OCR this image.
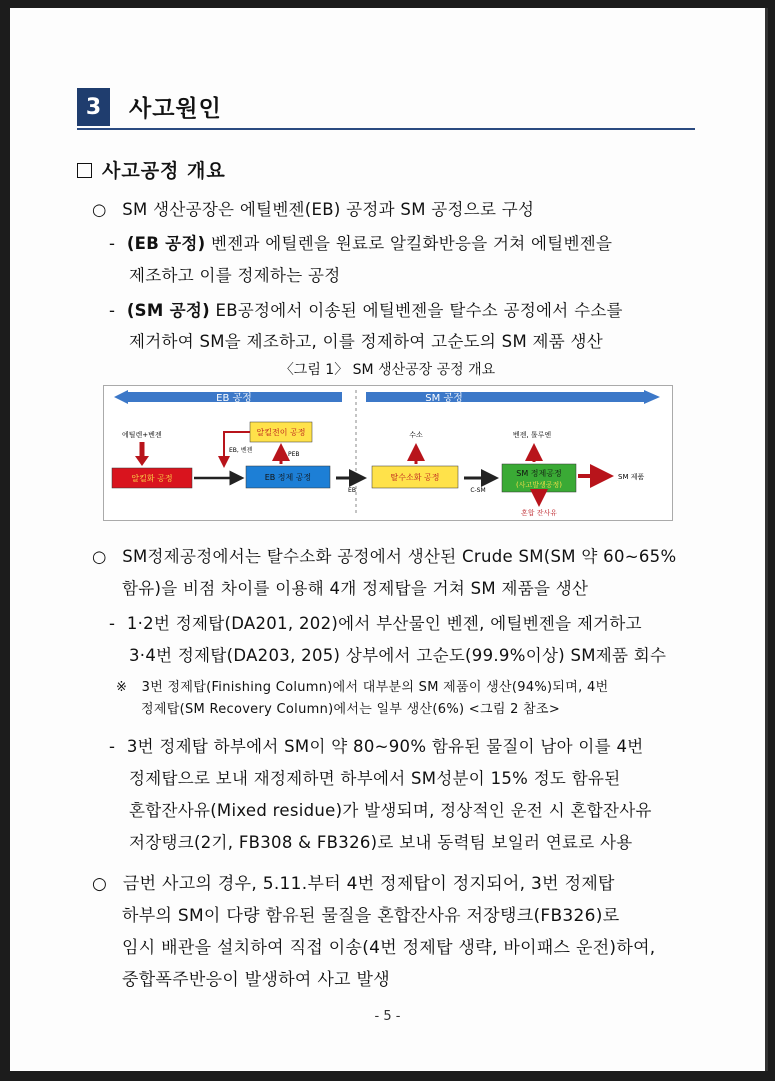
3	사고원인
사고공정 개요
○ SM 생산공장은 에틸벤젠(EB) 공정과 SM 공정으로 구성
- (EB 공정) 벤젠과 에틸렌을 원료로 알킬화반응을 거쳐 에틸벤젠을
제조하고 이를 정제하는 공정
- (SM 공정) EB공정에서 이송된 에틸벤젠을 탈수소 공정에서 수소를
제거하여 SM을 제조하고, 이를 정제하여 고순도의 SM 제품 생산
〈그림 1〉 SM 생산공장 공정 개요
EB 공정	SM 공정
에틸렌+벤젠
알킬화 공정
알킬전이 공정
EB, 벤젠
PEB
EB 정제 공정
EB
수소
탈수소화 공정
C-SM
벤젠, 톨루엔
SM 정제공정
(사고발생공정)
SM 제품
혼합 잔사유
○ SM정제공정에서는 탈수소화 공정에서 생산된 Crude SM(SM 약 60∼65%
함유)을 비점 차이를 이용해 4개 정제탑을 거쳐 SM 제품을 생산
- 1·2번 정제탑(DA201, 202)에서 부산물인 벤젠, 에틸벤젠을 제거하고
3·4번 정제탑(DA203, 205) 상부에서 고순도(99.9%이상) SM제품 회수
※ 3번 정제탑(Finishing Column)에서 대부분의 SM 제품이 생산(94%)되며, 4번
정제탑(SM Recovery Column)에서는 일부 생산(6%) <그림 2 참조>
- 3번 정제탑 하부에서 SM이 약 80~90% 함유된 물질이 남아 이를 4번
정제탑으로 보내 재정제하면 하부에서 SM성분이 15% 정도 함유된
혼합잔사유(Mixed residue)가 발생되며, 정상적인 운전 시 혼합잔사유
저장탱크(2기, FB308 & FB326)로 보내 동력팀 보일러 연료로 사용
○ 금번 사고의 경우, 5.11.부터 4번 정제탑이 정지되어, 3번 정제탑
하부의 SM이 다량 함유된 물질을 혼합잔사유 저장탱크(FB326)로
임시 배관을 설치하여 직접 이송(4번 정제탑 생략, 바이패스 운전)하여,
중합폭주반응이 발생하여 사고 발생
- 5 -
